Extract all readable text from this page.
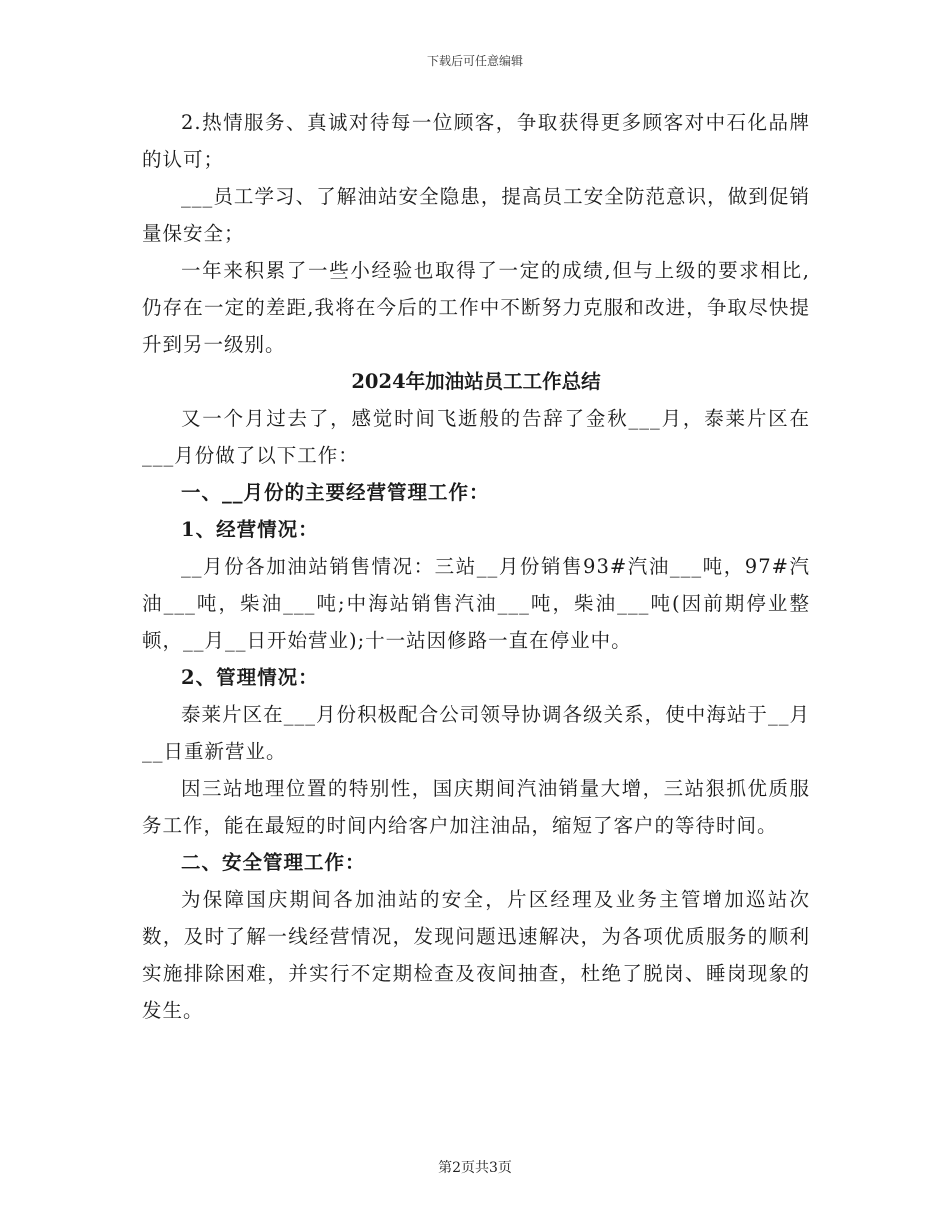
下载后可任意编辑

2.热情服务、真诚对待每一位顾客，争取获得更多顾客对中石化品牌的认可；

___员工学习、了解油站安全隐患，提高员工安全防范意识，做到促销量保安全；

一年来积累了一些小经验也取得了一定的成绩,但与上级的要求相比,仍存在一定的差距,我将在今后的工作中不断努力克服和改进，争取尽快提升到另一级别。

2024年加油站员工工作总结

又一个月过去了，感觉时间飞逝般的告辞了金秋___月，泰莱片区在___月份做了以下工作：

一、__月份的主要经营管理工作：

1、经营情况：

__月份各加油站销售情况：三站__月份销售93#汽油___吨，97#汽油___吨，柴油___吨;中海站销售汽油___吨，柴油___吨(因前期停业整顿，__月__日开始营业);十一站因修路一直在停业中。

2、管理情况：

泰莱片区在___月份积极配合公司领导协调各级关系，使中海站于__月__日重新营业。

因三站地理位置的特别性，国庆期间汽油销量大增，三站狠抓优质服务工作，能在最短的时间内给客户加注油品，缩短了客户的等待时间。

二、安全管理工作：

为保障国庆期间各加油站的安全，片区经理及业务主管增加巡站次数，及时了解一线经营情况，发现问题迅速解决，为各项优质服务的顺利实施排除困难，并实行不定期检查及夜间抽查，杜绝了脱岗、睡岗现象的发生。

第2页共3页
